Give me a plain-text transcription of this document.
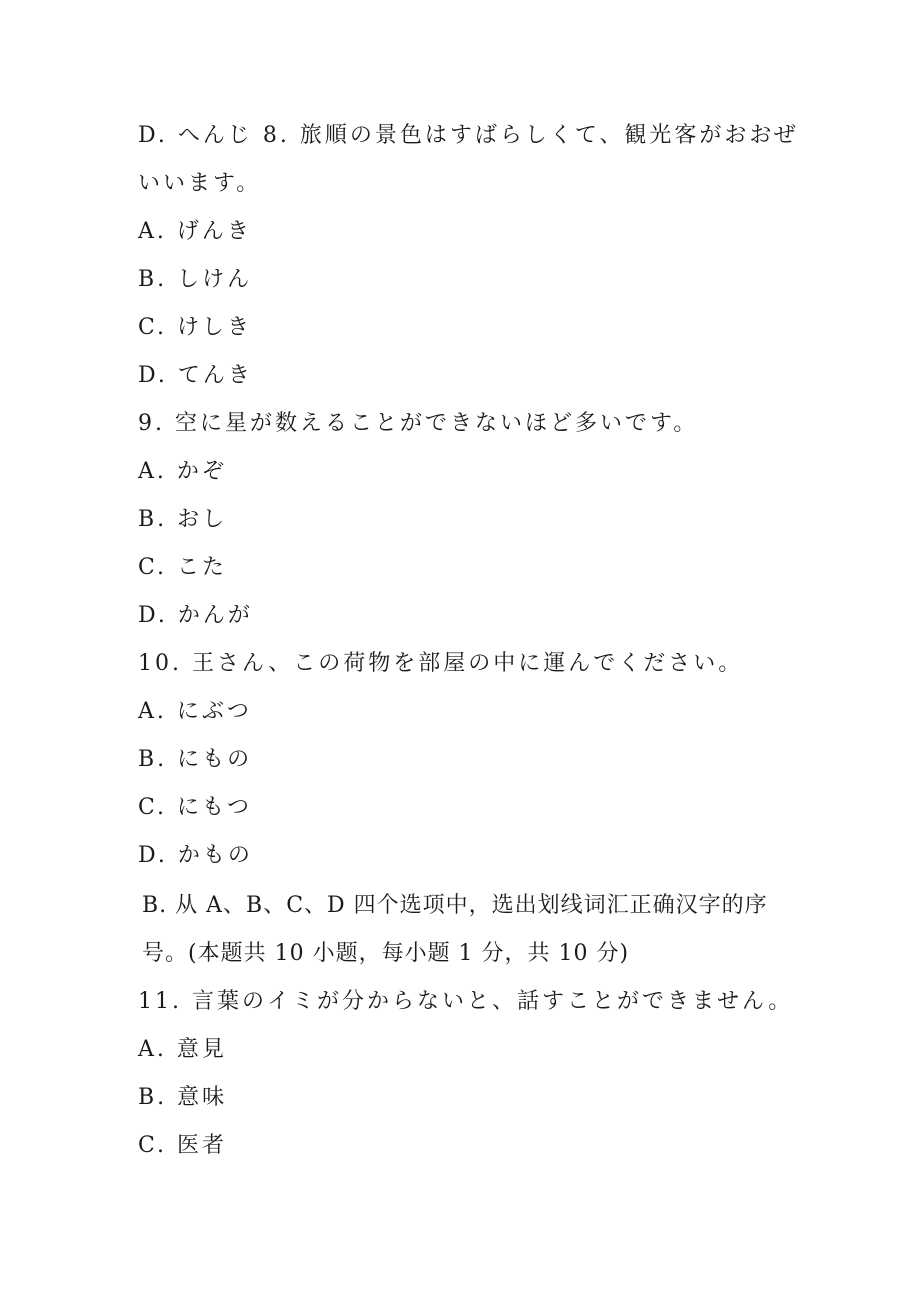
D. へんじ 8. 旅順の景色はすばらしくて、観光客がおおぜ
いいます。
A. げんき
B. しけん
C. けしき
D. てんき
9. 空に星が数えることができないほど多いです。
A. かぞ
B. おし
C. こた
D. かんが
10. 王さん、この荷物を部屋の中に運んでください。
A. にぶつ
B. にもの
C. にもつ
D. かもの
B. 从 A、B、C、D 四个选项中，选出划线词汇正确汉字的序
号。(本题共 10 小题，每小题 1 分，共 10 分)
11. 言葉のイミが分からないと、話すことができません。
A. 意見
B. 意味
C. 医者
